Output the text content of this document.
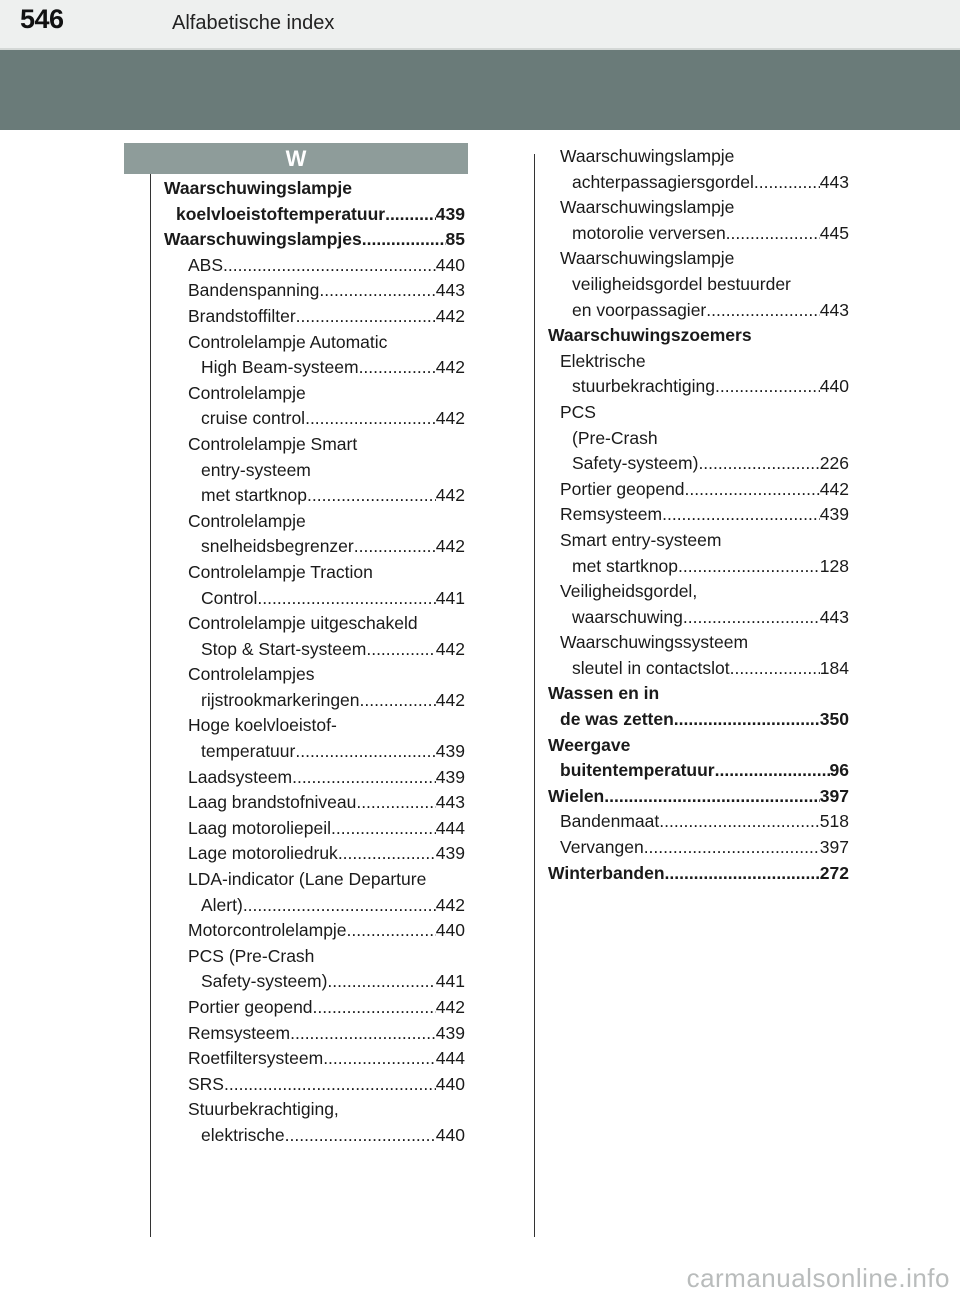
546	Alfabetische index
W
Waarschuwingslampje
koelvloeistoftemperatuur .....	439
Waarschuwingslampjes .....	85
ABS .....	440
Bandenspanning .....	443
Brandstoffilter .....	442
Controlelampje Automatic
High Beam-systeem .....	442
Controlelampje
cruise control .....	442
Controlelampje Smart
entry-systeem
met startknop .....	442
Controlelampje
snelheidsbegrenzer .....	442
Controlelampje Traction
Control .....	441
Controlelampje uitgeschakeld
Stop & Start-systeem. .....	442
Controlelampjes
rijstrookmarkeringen .....	442
Hoge koelvloeistof-
temperatuur .....	439
Laadsysteem. .....	439
Laag brandstofniveau .....	443
Laag motoroliepeil. .....	444
Lage motoroliedruk .....	439
LDA-indicator (Lane Departure
Alert) .....	442
Motorcontrolelampje .....	440
PCS (Pre-Crash
Safety-systeem). .....	441
Portier geopend .....	442
Remsysteem .....	439
Roetfiltersysteem .....	444
SRS. .....	440
Stuurbekrachtiging,
elektrische .....	440
Waarschuwingslampje
achterpassagiersgordel .....	443
Waarschuwingslampje
motorolie verversen .....	445
Waarschuwingslampje
veiligheidsgordel bestuurder
en voorpassagier .....	443
Waarschuwingszoemers
Elektrische
stuurbekrachtiging .....	440
PCS
(Pre-Crash
Safety-systeem) .....	226
Portier geopend .....	442
Remsysteem .....	439
Smart entry-systeem
met startknop. .....	128
Veiligheidsgordel,
waarschuwing. .....	443
Waarschuwingssysteem
sleutel in contactslot .....	184
Wassen en in
de was zetten .....	350
Weergave
buitentemperatuur .....	96
Wielen .....	397
Bandenmaat .....	518
Vervangen .....	397
Winterbanden. .....	272
carmanualsonline.info
